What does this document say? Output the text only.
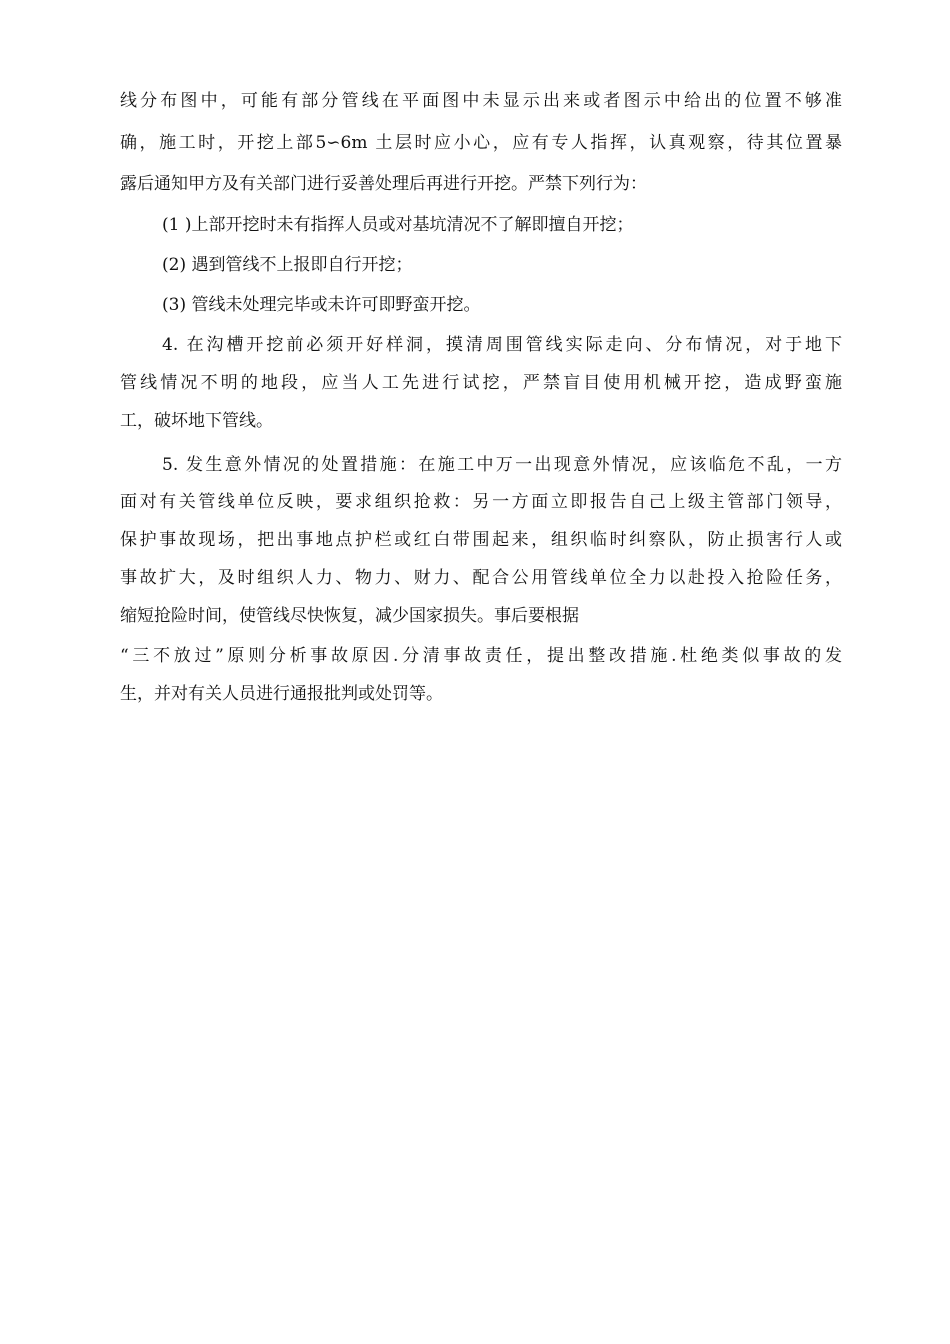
线分布图中，可能有部分管线在平面图中未显示出来或者图示中给出的位置不够准
确，施工时，开挖上部5∽6m 土层时应小心，应有专人指挥，认真观察，待其位置暴
露后通知甲方及有关部门进行妥善处理后再进行开挖。严禁下列行为：
(1 )上部开挖时未有指挥人员或对基坑清况不了解即擅自开挖；
(2) 遇到管线不上报即自行开挖；
(3) 管线未处理完毕或未许可即野蛮开挖。
4. 在沟槽开挖前必须开好样洞，摸清周围管线实际走向、分布情况，对于地下
管线情况不明的地段，应当人工先进行试挖，严禁盲目使用机械开挖，造成野蛮施
工，破坏地下管线。
5. 发生意外情况的处置措施：在施工中万一出现意外情况，应该临危不乱，一方
面对有关管线单位反映，要求组织抢救：另一方面立即报告自己上级主管部门领导，
保护事故现场，把出事地点护栏或红白带围起来，组织临时纠察队，防止损害行人或
事故扩大，及时组织人力、物力、财力、配合公用管线单位全力以赴投入抢险任务，
缩短抢险时间，使管线尽快恢复，减少国家损失。事后要根据
“三不放过”原则分析事故原因.分清事故责任，提出整改措施.杜绝类似事故的发
生，并对有关人员进行通报批判或处罚等。
